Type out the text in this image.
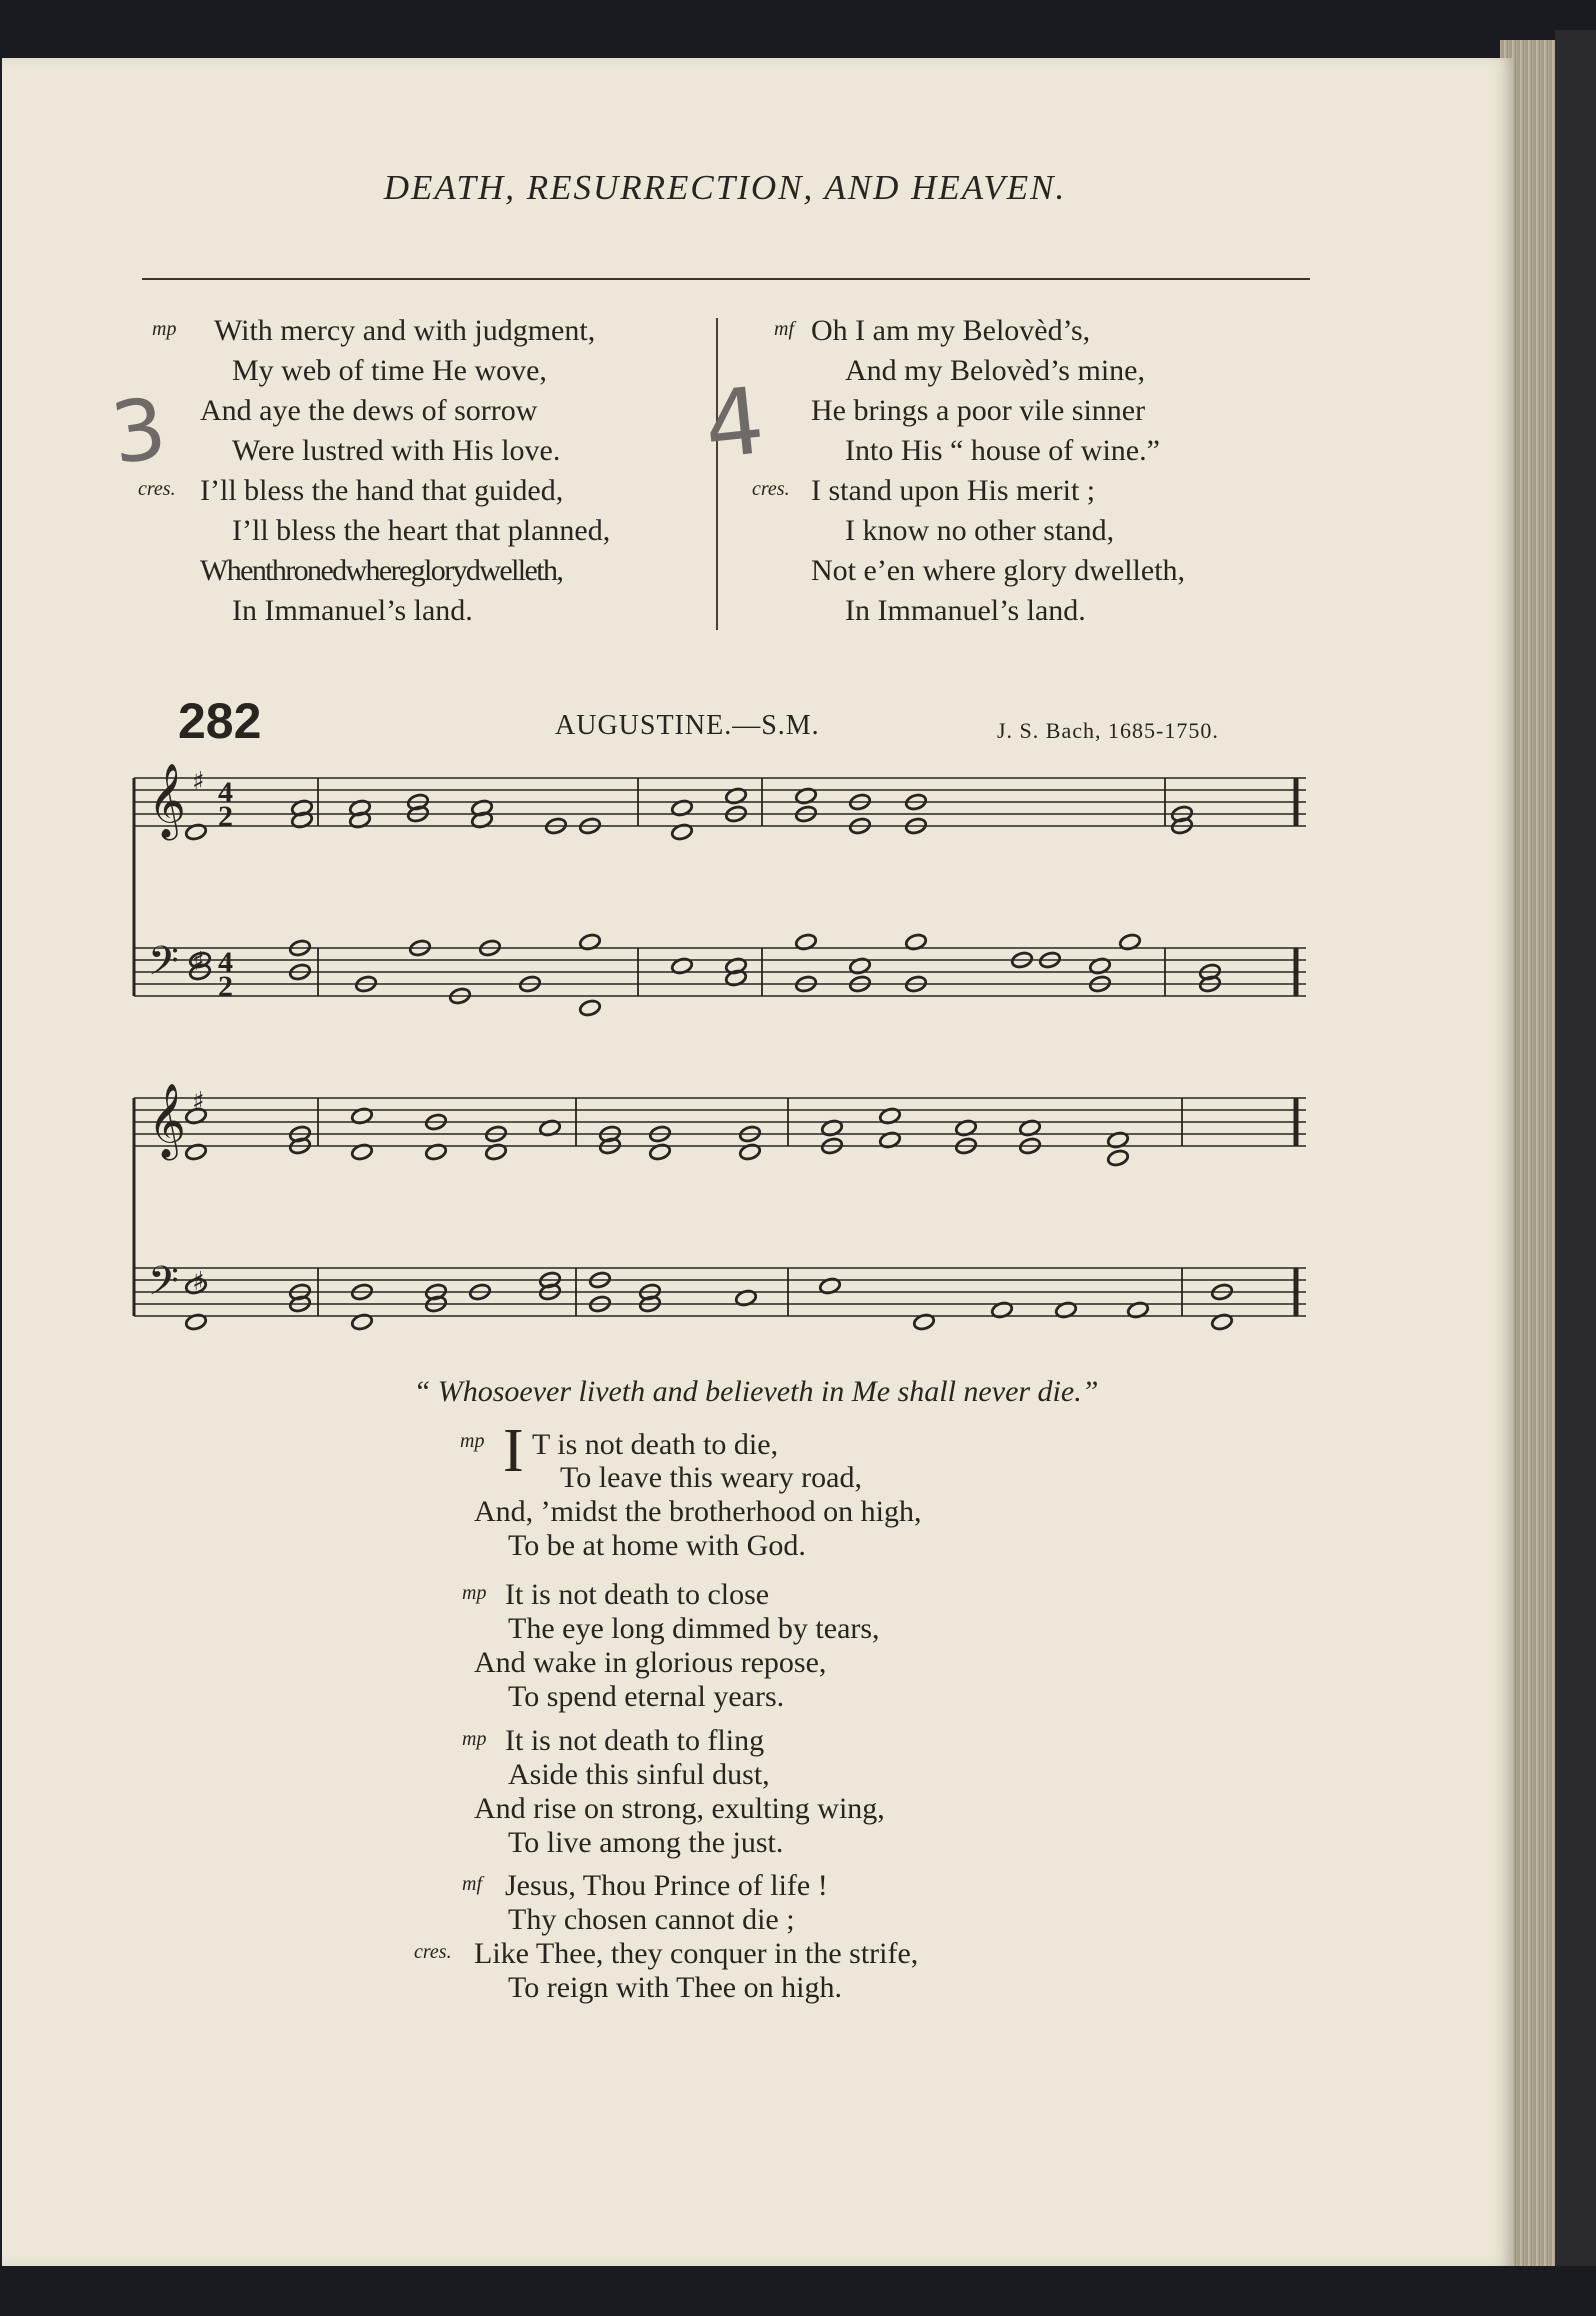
DEATH, RESURRECTION, AND HEAVEN.
mp With mercy and with judgment,
My web of time He wove,
And aye the dews of sorrow
Were lustred with His love.
cres. I’ll bless the hand that guided,
I’ll bless the heart that planned,
When throned where glory dwelleth,
In Immanuel’s land.
mf Oh I am my Belovèd’s,
And my Belovèd’s mine,
He brings a poor vile sinner
Into His “ house of wine.”
cres. I stand upon His merit ;
I know no other stand,
Not e’en where glory dwelleth,
In Immanuel’s land.
3	4
282	AUGUSTINE.—S.M.	J. S. Bach, 1685-1750.
𝄞 ♯ 4
2
𝄢 ♯ 4
2
𝄞 ♯
𝄢 ♯
“ Whosoever liveth and believeth in Me shall never die.”
mp I T is not death to die,
To leave this weary road,
And, ’midst the brotherhood on high,
To be at home with God.
mp It is not death to close
The eye long dimmed by tears,
And wake in glorious repose,
To spend eternal years.
mp It is not death to fling
Aside this sinful dust,
And rise on strong, exulting wing,
To live among the just.
mf Jesus, Thou Prince of life !
Thy chosen cannot die ;
cres. Like Thee, they conquer in the strife,
To reign with Thee on high.
